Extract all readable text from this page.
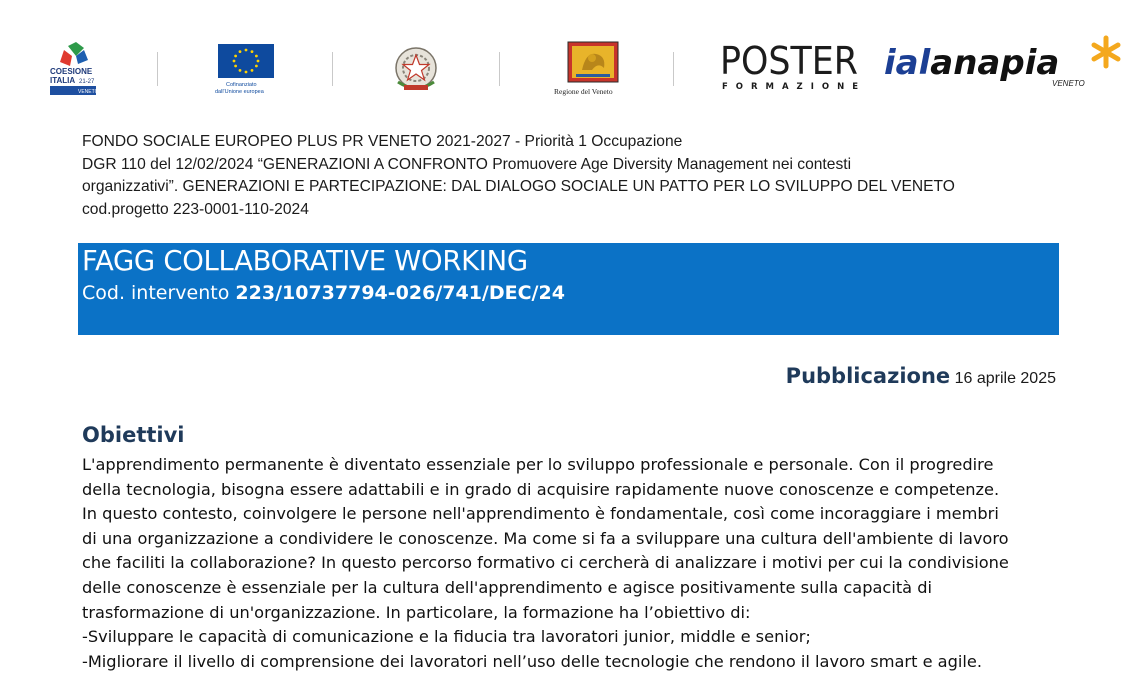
COESIONE
ITALIA 21-27
VENETO
Cofinanziato
dall'Unione europea	Regione del Veneto
POSTER
FORMAZIONE
ialanapia
VENETO
FONDO SOCIALE EUROPEO PLUS PR VENETO 2021-2027 - Priorità 1 Occupazione
DGR 110 del 12/02/2024 “GENERAZIONI A CONFRONTO Promuovere Age Diversity Management nei contesti
organizzativi”. GENERAZIONI E PARTECIPAZIONE: DAL DIALOGO SOCIALE UN PATTO PER LO SVILUPPO DEL VENETO
cod.progetto 223-0001-110-2024
FAGG COLLABORATIVE WORKING
Cod. intervento 223/10737794-026/741/DEC/24
Pubblicazione 16 aprile 2025
Obiettivi
L'apprendimento permanente è diventato essenziale per lo sviluppo professionale e personale. Con il progredire
della tecnologia, bisogna essere adattabili e in grado di acquisire rapidamente nuove conoscenze e competenze.
In questo contesto, coinvolgere le persone nell'apprendimento è fondamentale, così come incoraggiare i membri
di una organizzazione a condividere le conoscenze. Ma come si fa a sviluppare una cultura dell'ambiente di lavoro
che faciliti la collaborazione? In questo percorso formativo ci cercherà di analizzare i motivi per cui la condivisione
delle conoscenze è essenziale per la cultura dell'apprendimento e agisce positivamente sulla capacità di
trasformazione di un'organizzazione. In particolare, la formazione ha l’obiettivo di:
-Sviluppare le capacità di comunicazione e la fiducia tra lavoratori junior, middle e senior;
-Migliorare il livello di comprensione dei lavoratori nell’uso delle tecnologie che rendono il lavoro smart e agile.
